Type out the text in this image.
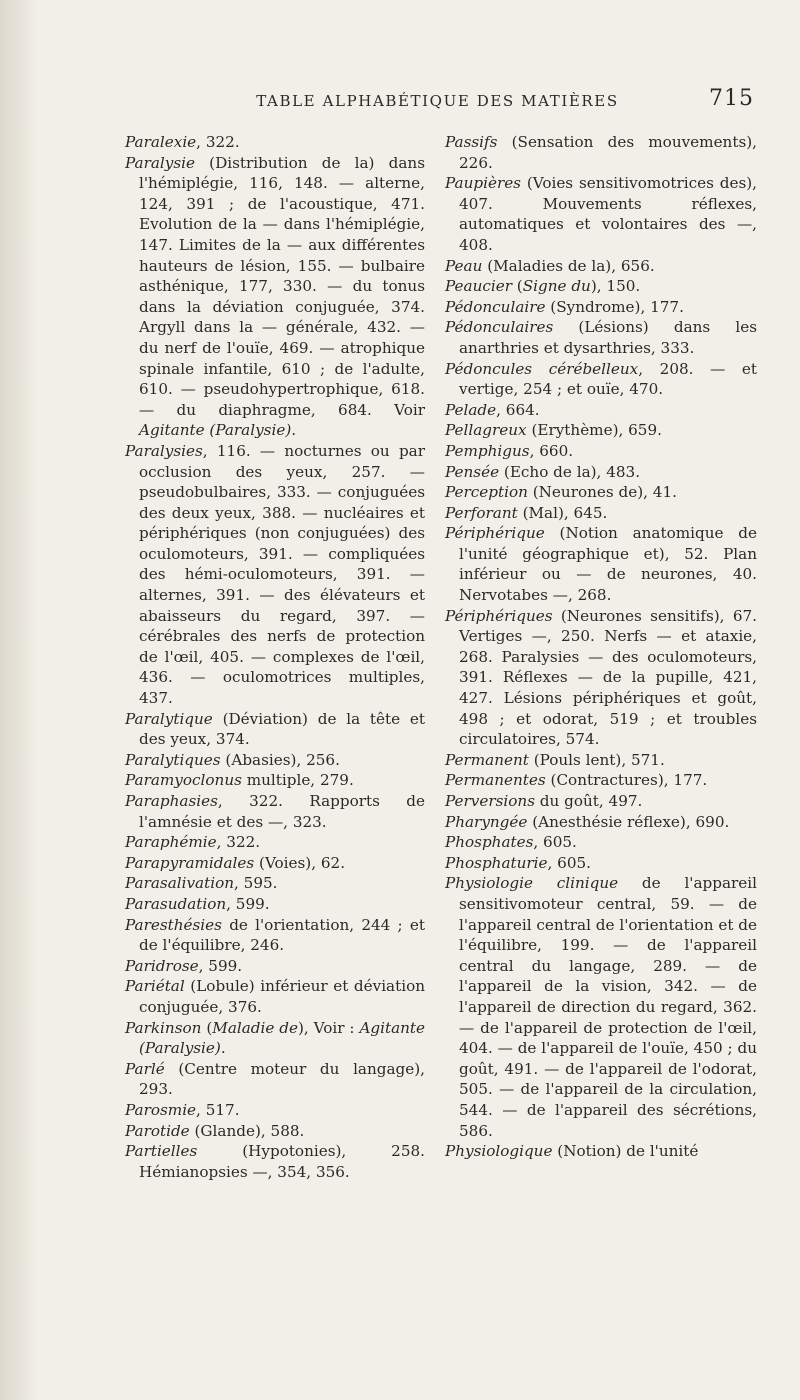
TABLE ALPHABÉTIQUE DES MATIÈRES	715

Paralexie, 322.

Paralysie (Distribution de la) dans l'hémiplégie, 116, 148. — alterne, 124, 391 ; de l'acoustique, 471. Evolution de la — dans l'hémiplégie, 147. Limites de la — aux différentes hauteurs de lésion, 155. — bulbaire asthénique, 177, 330. — du tonus dans la déviation conjuguée, 374. Argyll dans la — générale, 432. — du nerf de l'ouïe, 469. — atrophique spinale infantile, 610 ; de l'adulte, 610. — pseudohypertrophique, 618. — du diaphragme, 684. Voir Agitante (Paralysie).

Paralysies, 116. — nocturnes ou par occlusion des yeux, 257. — pseudobulbaires, 333. — conjuguées des deux yeux, 388. — nucléaires et périphériques (non conjuguées) des oculomoteurs, 391. — compliquées des hémi-oculomoteurs, 391. — alternes, 391. — des élévateurs et abaisseurs du regard, 397. — cérébrales des nerfs de protection de l'œil, 405. — complexes de l'œil, 436. — oculomotrices multiples, 437.

Paralytique (Déviation) de la tête et des yeux, 374.

Paralytiques (Abasies), 256.

Paramyoclonus multiple, 279.

Paraphasies, 322. Rapports de l'amnésie et des —, 323.

Paraphémie, 322.

Parapyramidales (Voies), 62.

Parasalivation, 595.

Parasudation, 599.

Paresthésies de l'orientation, 244 ; et de l'équilibre, 246.

Paridrose, 599.

Pariétal (Lobule) inférieur et déviation conjuguée, 376.

Parkinson (Maladie de), Voir : Agitante (Paralysie).

Parlé (Centre moteur du langage), 293.

Parosmie, 517.

Parotide (Glande), 588.

Partielles (Hypotonies), 258. Hémianopsies —, 354, 356.

Passifs (Sensation des mouvements), 226.

Paupières (Voies sensitivomotrices des), 407. Mouvements réflexes, automatiques et volontaires des —, 408.

Peau (Maladies de la), 656.

Peaucier (Signe du), 150.

Pédonculaire (Syndrome), 177.

Pédonculaires (Lésions) dans les anarthries et dysarthries, 333.

Pédoncules cérébelleux, 208. — et vertige, 254 ; et ouïe, 470.

Pelade, 664.

Pellagreux (Erythème), 659.

Pemphigus, 660.

Pensée (Echo de la), 483.

Perception (Neurones de), 41.

Perforant (Mal), 645.

Périphérique (Notion anatomique de l'unité géographique et), 52. Plan inférieur ou — de neurones, 40. Nervotabes —, 268.

Périphériques (Neurones sensitifs), 67. Vertiges —, 250. Nerfs — et ataxie, 268. Paralysies — des oculomoteurs, 391. Réflexes — de la pupille, 421, 427. Lésions périphériques et goût, 498 ; et odorat, 519 ; et troubles circulatoires, 574.

Permanent (Pouls lent), 571.

Permanentes (Contractures), 177.

Perversions du goût, 497.

Pharyngée (Anesthésie réflexe), 690.

Phosphates, 605.

Phosphaturie, 605.

Physiologie clinique de l'appareil sensitivomoteur central, 59. — de l'appareil central de l'orientation et de l'équilibre, 199. — de l'appareil central du langage, 289. — de l'appareil de la vision, 342. — de l'appareil de direction du regard, 362. — de l'appareil de protection de l'œil, 404. — de l'appareil de l'ouïe, 450 ; du goût, 491. — de l'appareil de l'odorat, 505. — de l'appareil de la circulation, 544. — de l'appareil des sécrétions, 586.

Physiologique (Notion) de l'unité
